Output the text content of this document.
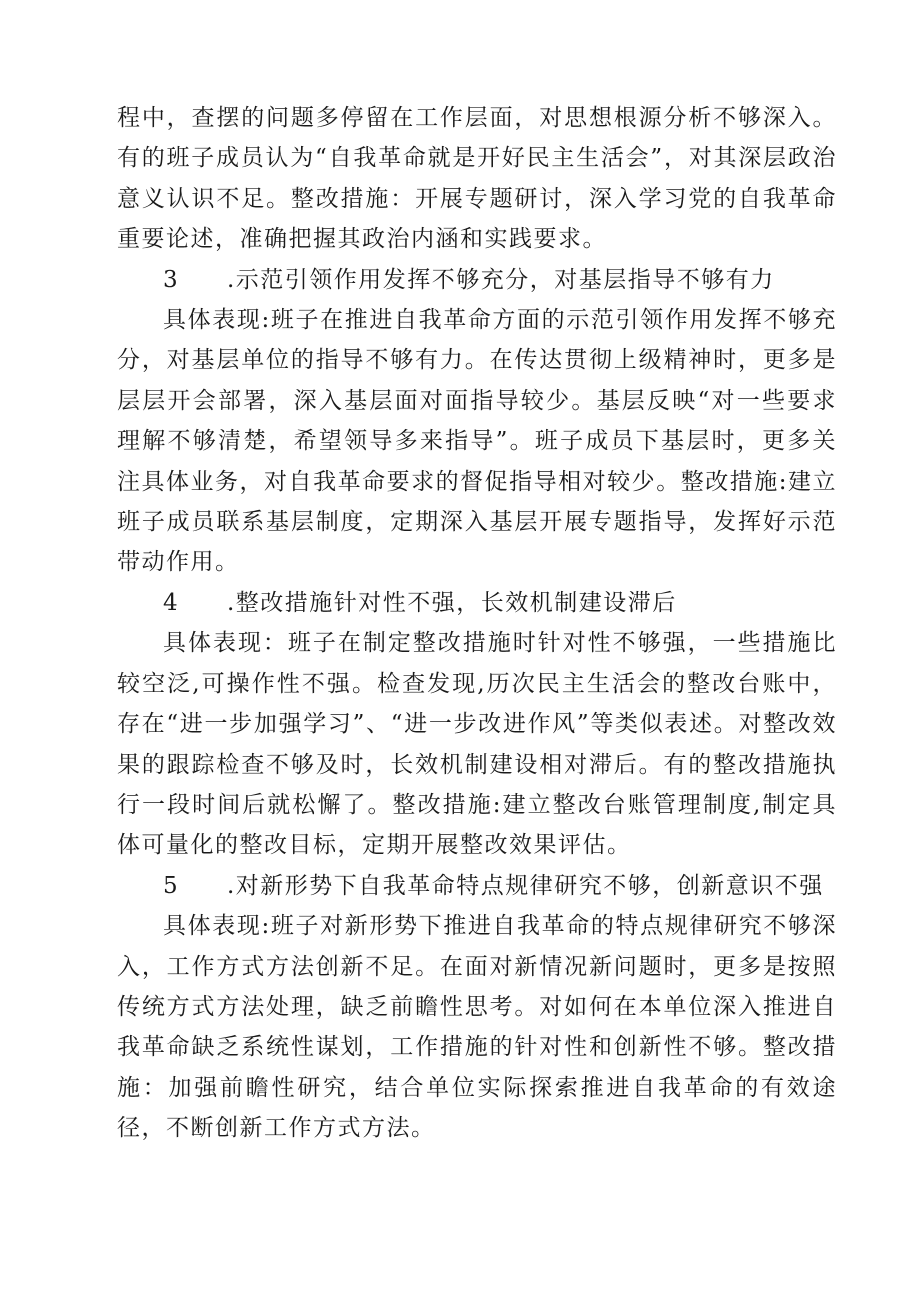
程中，查摆的问题多停留在工作层面，对思想根源分析不够深入。有的班子成员认为“自我革命就是开好民主生活会”，对其深层政治意义认识不足。整改措施：开展专题研讨，深入学习党的自我革命重要论述，准确把握其政治内涵和实践要求。

3	.示范引领作用发挥不够充分，对基层指导不够有力

具体表现:班子在推进自我革命方面的示范引领作用发挥不够充分，对基层单位的指导不够有力。在传达贯彻上级精神时，更多是层层开会部署，深入基层面对面指导较少。基层反映“对一些要求理解不够清楚，希望领导多来指导”。班子成员下基层时，更多关注具体业务，对自我革命要求的督促指导相对较少。整改措施:建立班子成员联系基层制度，定期深入基层开展专题指导，发挥好示范带动作用。

4	.整改措施针对性不强，长效机制建设滞后

具体表现：班子在制定整改措施时针对性不够强，一些措施比较空泛,可操作性不强。检查发现,历次民主生活会的整改台账中，存在“进一步加强学习”、“进一步改进作风”等类似表述。对整改效果的跟踪检查不够及时，长效机制建设相对滞后。有的整改措施执行一段时间后就松懈了。整改措施:建立整改台账管理制度,制定具体可量化的整改目标，定期开展整改效果评估。

5	.对新形势下自我革命特点规律研究不够，创新意识不强

具体表现:班子对新形势下推进自我革命的特点规律研究不够深入，工作方式方法创新不足。在面对新情况新问题时，更多是按照传统方式方法处理，缺乏前瞻性思考。对如何在本单位深入推进自我革命缺乏系统性谋划，工作措施的针对性和创新性不够。整改措施：加强前瞻性研究，结合单位实际探索推进自我革命的有效途径，不断创新工作方式方法。
